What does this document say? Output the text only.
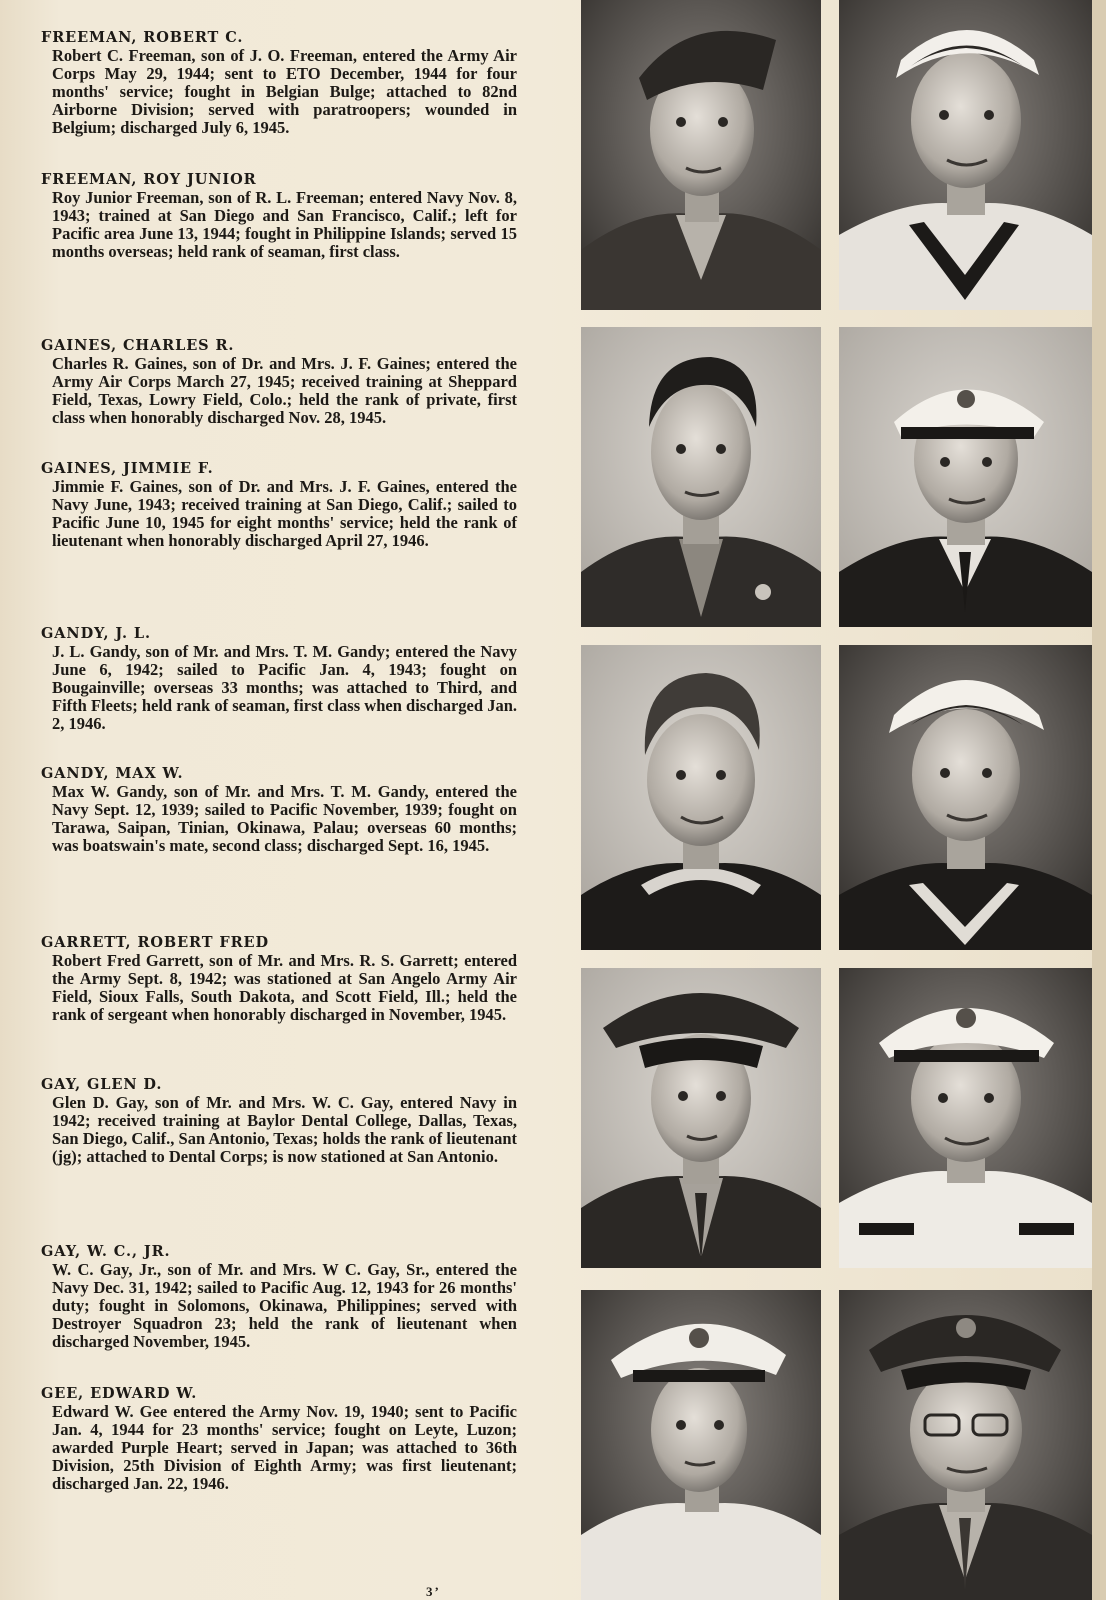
FREEMAN, ROBERT C.

Robert C. Freeman, son of J. O. Freeman, entered the Army Air Corps May 29, 1944; sent to ETO December, 1944 for four months' service; fought in Belgian Bulge; attached to 82nd Airborne Division; served with paratroopers; wounded in Belgium; discharged July 6, 1945.

FREEMAN, ROY JUNIOR

Roy Junior Freeman, son of R. L. Freeman; entered Navy Nov. 8, 1943; trained at San Diego and San Francisco, Calif.; left for Pacific area June 13, 1944; fought in Philippine Islands; served 15 months overseas; held rank of seaman, first class.

GAINES, CHARLES R.

Charles R. Gaines, son of Dr. and Mrs. J. F. Gaines; entered the Army Air Corps March 27, 1945; received training at Sheppard Field, Texas, Lowry Field, Colo.; held the rank of private, first class when honorably discharged Nov. 28, 1945.

GAINES, JIMMIE F.

Jimmie F. Gaines, son of Dr. and Mrs. J. F. Gaines, entered the Navy June, 1943; received training at San Diego, Calif.; sailed to Pacific June 10, 1945 for eight months' service; held the rank of lieutenant when honorably discharged April 27, 1946.

GANDY, J. L.

J. L. Gandy, son of Mr. and Mrs. T. M. Gandy; entered the Navy June 6, 1942; sailed to Pacific Jan. 4, 1943; fought on Bougainville; overseas 33 months; was attached to Third, and Fifth Fleets; held rank of seaman, first class when discharged Jan. 2, 1946.

GANDY, MAX W.

Max W. Gandy, son of Mr. and Mrs. T. M. Gandy, entered the Navy Sept. 12, 1939; sailed to Pacific November, 1939; fought on Tarawa, Saipan, Tinian, Okinawa, Palau; overseas 60 months; was boatswain's mate, second class; discharged Sept. 16, 1945.

GARRETT, ROBERT FRED

Robert Fred Garrett, son of Mr. and Mrs. R. S. Garrett; entered the Army Sept. 8, 1942; was stationed at San Angelo Army Air Field, Sioux Falls, South Dakota, and Scott Field, Ill.; held the rank of sergeant when honorably discharged in November, 1945.

GAY, GLEN D.

Glen D. Gay, son of Mr. and Mrs. W. C. Gay, entered Navy in 1942; received training at Baylor Dental College, Dallas, Texas, San Diego, Calif., San Antonio, Texas; holds the rank of lieutenant (jg); attached to Dental Corps; is now stationed at San Antonio.

GAY, W. C., JR.

W. C. Gay, Jr., son of Mr. and Mrs. W C. Gay, Sr., entered the Navy Dec. 31, 1942; sailed to Pacific Aug. 12, 1943 for 26 months' duty; fought in Solomons, Okinawa, Philippines; served with Destroyer Squadron 23; held the rank of lieutenant when discharged November, 1945.

GEE, EDWARD W.

Edward W. Gee entered the Army Nov. 19, 1940; sent to Pacific Jan. 4, 1944 for 23 months' service; fought on Leyte, Luzon; awarded Purple Heart; served in Japan; was attached to 36th Division, 25th Division of Eighth Army; was first lieutenant; discharged Jan. 22, 1946.

3’
